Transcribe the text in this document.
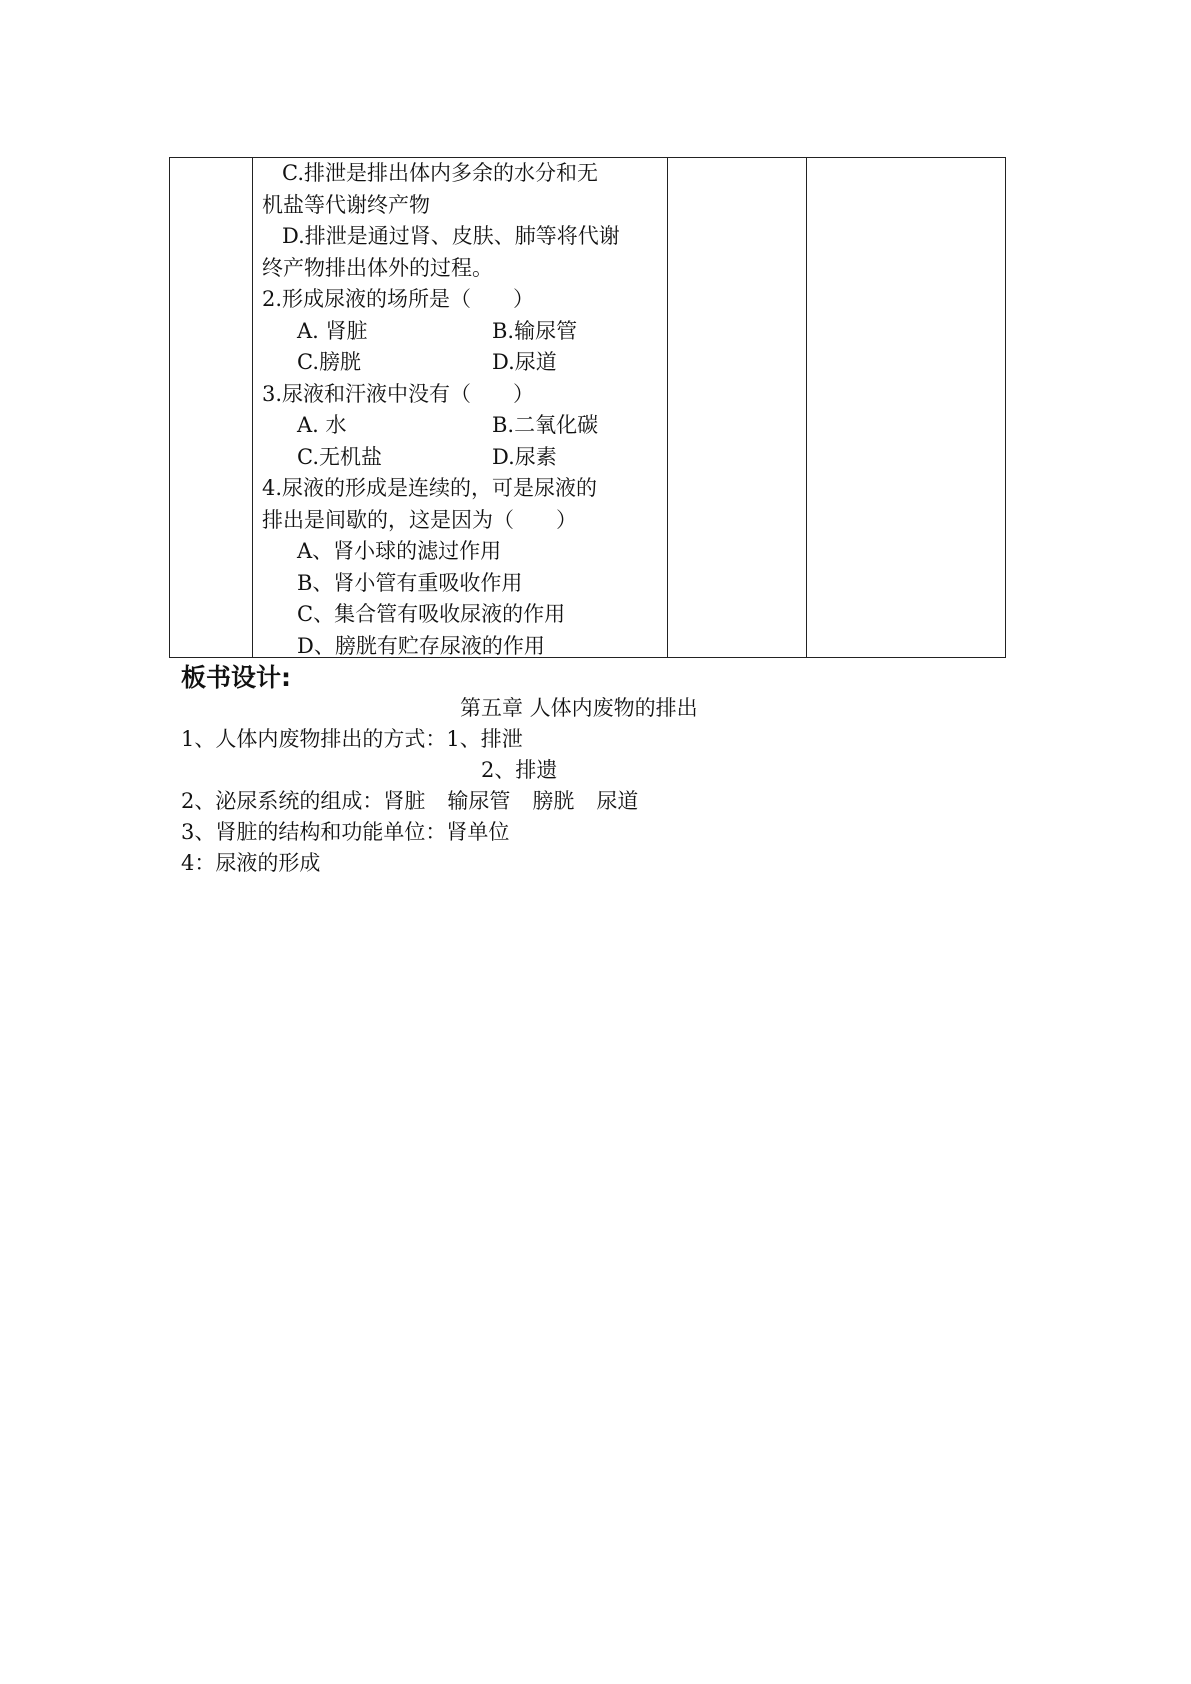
C.排泄是排出体内多余的水分和无
机盐等代谢终产物
D.排泄是通过肾、皮肤、肺等将代谢
终产物排出体外的过程。
2.形成尿液的场所是（　　）
A. 肾脏	B.输尿管
C.膀胱	D.尿道
3.尿液和汗液中没有（　　）
A. 水	B.二氧化碳
C.无机盐	D.尿素
4.尿液的形成是连续的，可是尿液的
排出是间歇的，这是因为（　　）
A、肾小球的滤过作用
B、肾小管有重吸收作用
C、集合管有吸收尿液的作用
D、膀胱有贮存尿液的作用
板书设计:
第五章 人体内废物的排出
1、人体内废物排出的方式：1、排泄
2、排遗
2、泌尿系统的组成：肾脏 输尿管 膀胱 尿道
3、肾脏的结构和功能单位：肾单位
4：尿液的形成
